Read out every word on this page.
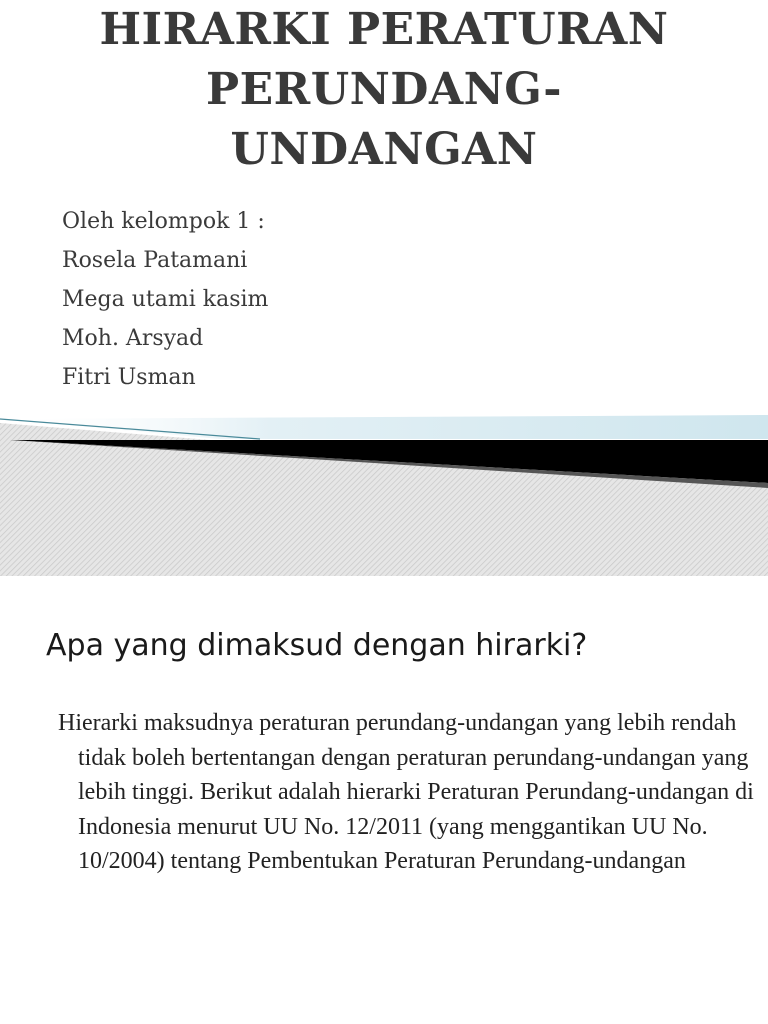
HIRARKI PERATURAN
PERUNDANG-
UNDANGAN
Oleh kelompok 1 :
Rosela Patamani
Mega utami kasim
Moh. Arsyad
Fitri Usman
Apa yang dimaksud dengan hirarki?
Hierarki maksudnya peraturan perundang-undangan yang lebih rendah tidak boleh bertentangan dengan peraturan perundang-undangan yang lebih tinggi. Berikut adalah hierarki Peraturan Perundang-undangan di Indonesia menurut UU No. 12/2011 (yang menggantikan UU No. 10/2004) tentang Pembentukan Peraturan Perundang-undangan
